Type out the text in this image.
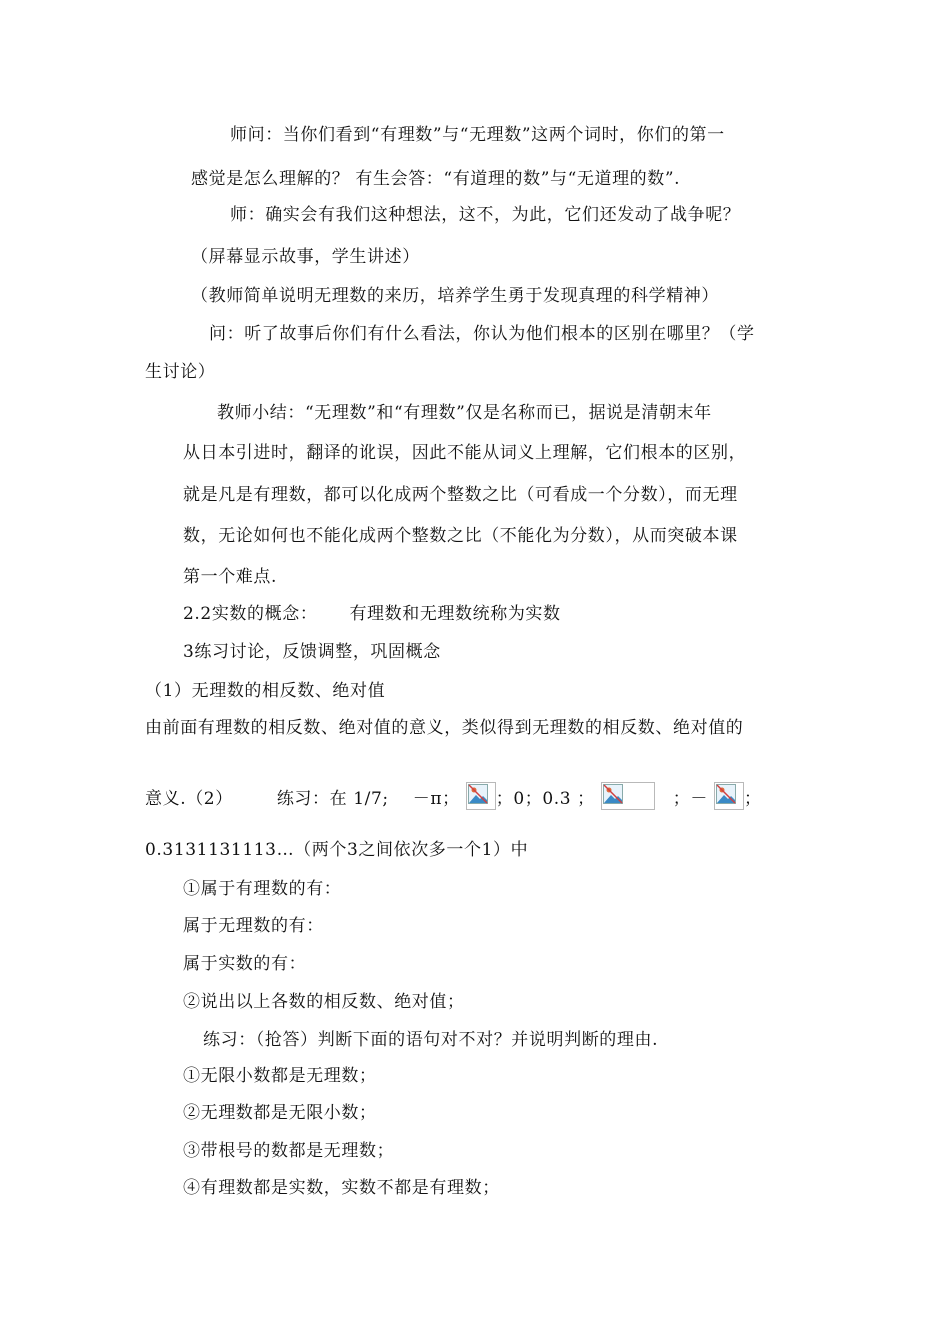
师问：当你们看到“有理数”与“无理数”这两个词时，你们的第一
感觉是怎么理解的？ 有生会答：“有道理的数”与“无道理的数”.
师：确实会有我们这种想法，这不，为此，它们还发动了战争呢？
（屏幕显示故事，学生讲述）
（教师简单说明无理数的来历，培养学生勇于发现真理的科学精神）
问：听了故事后你们有什么看法，你认为他们根本的区别在哪里？（学
生讨论）
教师小结：“无理数”和“有理数”仅是名称而已，据说是清朝末年
从日本引进时，翻译的讹误，因此不能从词义上理解，它们根本的区别，
就是凡是有理数，都可以化成两个整数之比（可看成一个分数），而无理
数，无论如何也不能化成两个整数之比（不能化为分数），从而突破本课
第一个难点.
2.2实数的概念： 有理数和无理数统称为实数
3练习讨论，反馈调整，巩固概念
（1）无理数的相反数、绝对值
由前面有理数的相反数、绝对值的意义，类似得到无理数的相反数、绝对值的
意义.（2）	练习：在 1/7; －π； ；0；0.3 ；	；－ ；
0.3131131113…（两个3之间依次多一个1）中
①属于有理数的有：
属于无理数的有：
属于实数的有：
②说出以上各数的相反数、绝对值；
练习：（抢答）判断下面的语句对不对？并说明判断的理由.
①无限小数都是无理数；
②无理数都是无限小数；
③带根号的数都是无理数；
④有理数都是实数，实数不都是有理数；
